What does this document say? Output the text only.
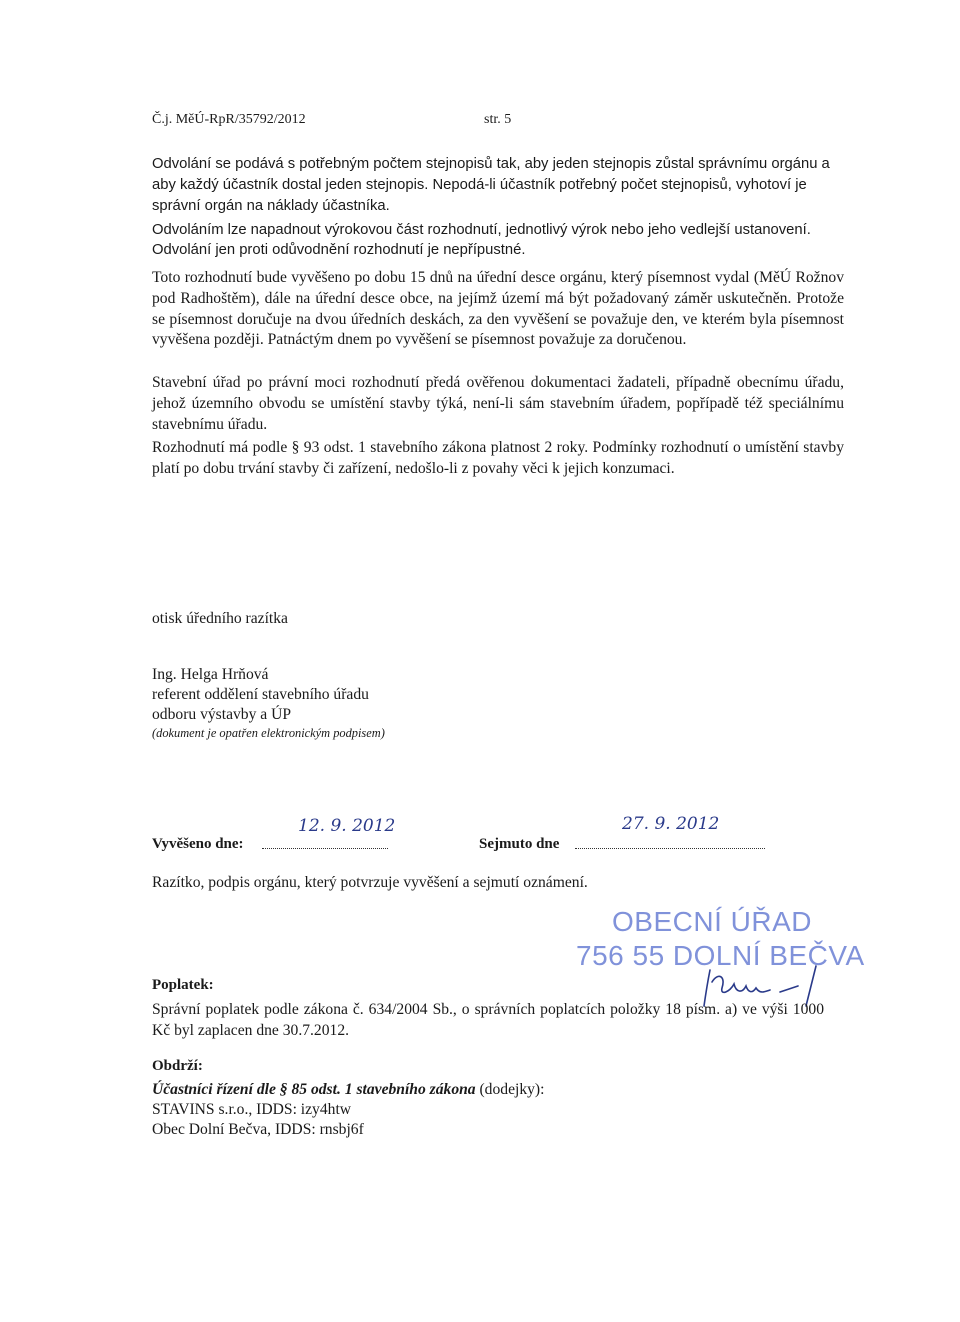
Č.j. MěÚ-RpR/35792/2012	str. 5
Odvolání se podává s potřebným počtem stejnopisů tak, aby jeden stejnopis zůstal správnímu orgánu a aby každý účastník dostal jeden stejnopis. Nepodá-li účastník potřebný počet stejnopisů, vyhotoví je správní orgán na náklady účastníka.
Odvoláním lze napadnout výrokovou část rozhodnutí, jednotlivý výrok nebo jeho vedlejší ustanovení.
Odvolání jen proti odůvodnění rozhodnutí je nepřípustné.
Toto rozhodnutí bude vyvěšeno po dobu 15 dnů na úřední desce orgánu, který písemnost vydal (MěÚ Rožnov pod Radhoštěm), dále na úřední desce obce, na jejímž území má být požadovaný záměr uskutečněn. Protože se písemnost doručuje na dvou úředních deskách, za den vyvěšení se považuje den, ve kterém byla písemnost vyvěšena později. Patnáctým dnem po vyvěšení se písemnost považuje za doručenou.
Stavební úřad po právní moci rozhodnutí předá ověřenou dokumentaci žadateli, případně obecnímu úřadu, jehož územního obvodu se umístění stavby týká, není-li sám stavebním úřadem, popřípadě též speciálnímu stavebnímu úřadu.
Rozhodnutí má podle § 93 odst. 1 stavebního zákona platnost 2 roky. Podmínky rozhodnutí o umístění stavby platí po dobu trvání stavby či zařízení, nedošlo-li z povahy věci k jejich konzumaci.
otisk úředního razítka
Ing. Helga Hrňová
referent oddělení stavebního úřadu
odboru výstavby a ÚP
(dokument je opatřen elektronickým podpisem)
Vyvěšeno dne:
12. 9. 2012
Sejmuto dne
27. 9. 2012
Razítko, podpis orgánu, který potvrzuje vyvěšení a sejmutí oznámení.
OBECNÍ ÚŘAD
756 55 DOLNÍ BEČVA
Poplatek:
Správní poplatek podle zákona č. 634/2004 Sb., o správních poplatcích položky 18 písm. a) ve výši 1000 Kč byl zaplacen dne 30.7.2012.
Obdrží:
Účastníci řízení dle § 85 odst. 1 stavebního zákona (dodejky):
STAVINS s.r.o., IDDS: izy4htw
Obec Dolní Bečva, IDDS: rnsbj6f
